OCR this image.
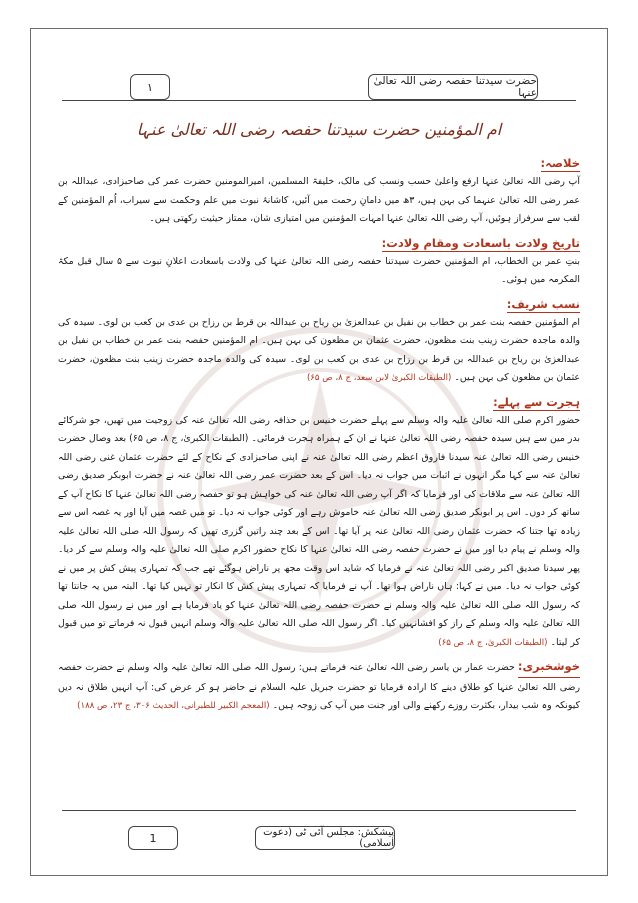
حضرت سیدتنا حفصہ رضی اللہ تعالیٰ عنہا
۱
ام المؤمنین حضرت سیدتنا حفصہ رضی اللہ تعالیٰ عنہا
خلاصہ:

آپ رضی اللہ تعالیٰ عنہا ارفع واعلیٰ حسب ونسب کی مالک، خلیفۃ المسلمین، امیرالمومنین حضرت عمر کی صاحبزادی، عبداللہ بن عمر رضی اللہ تعالیٰ عنہما کی بہن ہیں، ۳ھ میں دامانِ رحمت میں آئیں، کاشانۂ نبوت میں علم وحکمت سے سیراب، اُم المؤمنین کے لقب سے سرفراز ہوئیں، آپ رضی اللہ تعالیٰ عنہا امہات المؤمنین میں امتیازی شان، ممتاز حیثیت رکھتی ہیں۔

تاریخ ولادت باسعادت ومقام ولادت:

بنتِ عمر بن الخطاب، ام المؤمنین حضرت سیدتنا حفصہ رضی اللہ تعالیٰ عنہا کی ولادت باسعادت اعلانِ نبوت سے ۵ سال قبل مکۃ المکرمہ میں ہوئی۔

نسب شریف:

ام المؤمنین حفصہ بنت عمر بن خطاب بن نفیل بن عبدالعزیٰ بن ریاح بن عبداللہ بن قرط بن رزاح بن عدی بن کعب بن لوی۔ سیدہ کی والدہ ماجدہ حضرت زینب بنت مظعون، حضرت عثمان بن مظعون کی بہن ہیں۔ ام المؤمنین حفصہ بنت عمر بن خطاب بن نفیل بن عبدالعزیٰ بن ریاح بن عبداللہ بن قرط بن رزاح بن عدی بن کعب بن لوی۔ سیدہ کی والدہ ماجدہ حضرت زینب بنت مظعون، حضرت عثمان بن مظعون کی بہن ہیں۔ (الطبقات الکبریٰ لابن سعد، ج ۸، ص ۶۵)

ہجرت سے پہلے:

حضور اکرم صلی اللہ تعالیٰ علیہ والہ وسلم سے پہلے حضرت خنیس بن حذافہ رضی اللہ تعالیٰ عنہ کی زوجیت میں تھیں، جو شرکائے بدر میں سے ہیں سیدہ حفصہ رضی اللہ تعالیٰ عنہا نے ان کے ہمراہ ہجرت فرمائی۔ (الطبقات الکبریٰ، ج ۸، ص ۶۵) بعد وصال حضرت خنیس رضی اللہ تعالیٰ عنہ سیدنا فاروق اعظم رضی اللہ تعالیٰ عنہ نے اپنی صاحبزادی کے نکاح کے لئے حضرت عثمان غنی رضی اللہ تعالیٰ عنہ سے کہا مگر انہوں نے اثبات میں جواب نہ دیا۔ اس کے بعد حضرت عمر رضی اللہ تعالیٰ عنہ نے حضرت ابوبکر صدیق رضی اللہ تعالیٰ عنہ سے ملاقات کی اور فرمایا کہ اگر آپ رضی اللہ تعالیٰ عنہ کی خواہش ہو تو حفصہ رضی اللہ تعالیٰ عنہا کا نکاح آپ کے ساتھ کر دوں۔ اس پر ابوبکر صدیق رضی اللہ تعالیٰ عنہ خاموش رہے اور کوئی جواب نہ دیا۔ تو میں غصہ میں آیا اور یہ غصہ اس سے زیادہ تھا جتنا کہ حضرت عثمان رضی اللہ تعالیٰ عنہ پر آیا تھا۔ اس کے بعد چند راتیں گزری تھیں کہ رسول اللہ صلی اللہ تعالیٰ علیہ والہ وسلم نے پیام دیا اور میں نے حضرت حفصہ رضی اللہ تعالیٰ عنہا کا نکاح حضور اکرم صلی اللہ تعالیٰ علیہ والہ وسلم سے کر دیا۔ پھر سیدنا صدیق اکبر رضی اللہ تعالیٰ عنہ نے فرمایا کہ شاید اس وقت مجھ پر ناراض ہوگئے تھے جب کہ تمہاری پیش کش پر میں نے کوئی جواب نہ دیا۔ میں نے کہا: ہاں ناراض ہوا تھا۔ آپ نے فرمایا کہ تمہاری پیش کش کا انکار تو نہیں کیا تھا۔ البتہ میں یہ جانتا تھا کہ رسول اللہ صلی اللہ تعالیٰ علیہ والہ وسلم نے حضرت حفصہ رضی اللہ تعالیٰ عنہا کو یاد فرمایا ہے اور میں نے رسول اللہ صلی اللہ تعالیٰ علیہ والہ وسلم کے راز کو افشانہیں کیا۔ اگر رسول اللہ صلی اللہ تعالیٰ علیہ والہ وسلم انہیں قبول نہ فرماتے تو میں قبول کر لیتا۔ (الطبقات الکبریٰ، ج ۸، ص ۶۵)

خوشخبری: حضرت عمار بن یاسر رضی اللہ تعالیٰ عنہ فرماتے ہیں: رسول اللہ صلی اللہ تعالیٰ علیہ والہ وسلم نے حضرت حفصہ رضی اللہ تعالیٰ عنہا کو طلاق دینے کا ارادہ فرمایا تو حضرت جبریل علیہ السلام نے حاضر ہو کر عرض کی: آپ انہیں طلاق نہ دیں کیونکہ وہ شب بیدار، بکثرت روزے رکھنے والی اور جنت میں آپ کی زوجہ ہیں۔ (المعجم الکبیر للطبرانی، الحدیث ۳۰۶، ج ۲۳، ص ۱۸۸)

پیشکش: مجلس آئی ٹی (دعوت اسلامی)
1
